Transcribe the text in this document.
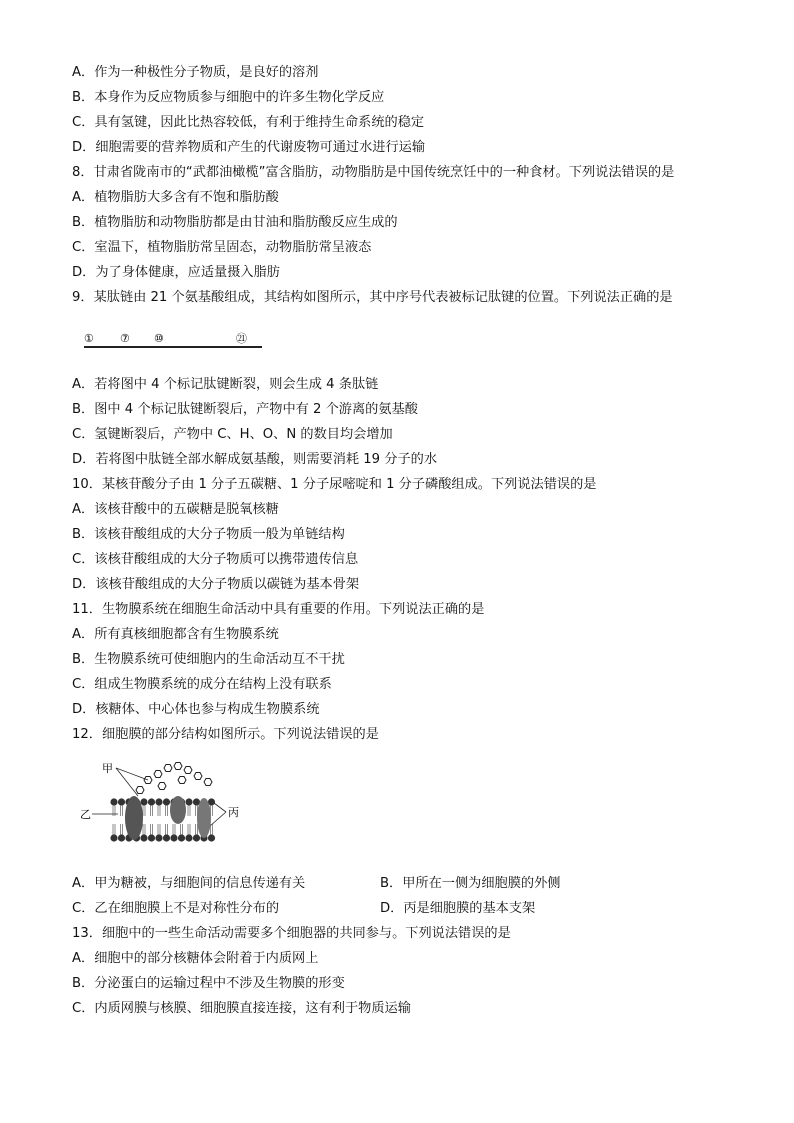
A．作为一种极性分子物质，是良好的溶剂
B．本身作为反应物质参与细胞中的许多生物化学反应
C．具有氢键，因此比热容较低，有利于维持生命系统的稳定
D．细胞需要的营养物质和产生的代谢废物可通过水进行运输
8．甘肃省陇南市的“武都油橄榄”富含脂肪，动物脂肪是中国传统烹饪中的一种食材。下列说法错误的是
A．植物脂肪大多含有不饱和脂肪酸
B．植物脂肪和动物脂肪都是由甘油和脂肪酸反应生成的
C．室温下，植物脂肪常呈固态，动物脂肪常呈液态
D．为了身体健康，应适量摄入脂肪
9．某肽链由 21 个氨基酸组成，其结构如图所示，其中序号代表被标记肽键的位置。下列说法正确的是
① ⑦ ⑩	㉑
A．若将图中 4 个标记肽键断裂，则会生成 4 条肽链
B．图中 4 个标记肽键断裂后，产物中有 2 个游离的氨基酸
C．氢键断裂后，产物中 C、H、O、N 的数目均会增加
D．若将图中肽链全部水解成氨基酸，则需要消耗 19 分子的水
10．某核苷酸分子由 1 分子五碳糖、1 分子尿嘧啶和 1 分子磷酸组成。下列说法错误的是
A．该核苷酸中的五碳糖是脱氧核糖
B．该核苷酸组成的大分子物质一般为单链结构
C．该核苷酸组成的大分子物质可以携带遗传信息
D．该核苷酸组成的大分子物质以碳链为基本骨架
11．生物膜系统在细胞生命活动中具有重要的作用。下列说法正确的是
A．所有真核细胞都含有生物膜系统
B．生物膜系统可使细胞内的生命活动互不干扰
C．组成生物膜系统的成分在结构上没有联系
D．核糖体、中心体也参与构成生物膜系统
12．细胞膜的部分结构如图所示。下列说法错误的是
甲
乙	丙
A．甲为糖被，与细胞间的信息传递有关	B．甲所在一侧为细胞膜的外侧
C．乙在细胞膜上不是对称性分布的	D．丙是细胞膜的基本支架
13．细胞中的一些生命活动需要多个细胞器的共同参与。下列说法错误的是
A．细胞中的部分核糖体会附着于内质网上
B．分泌蛋白的运输过程中不涉及生物膜的形变
C．内质网膜与核膜、细胞膜直接连接，这有利于物质运输
